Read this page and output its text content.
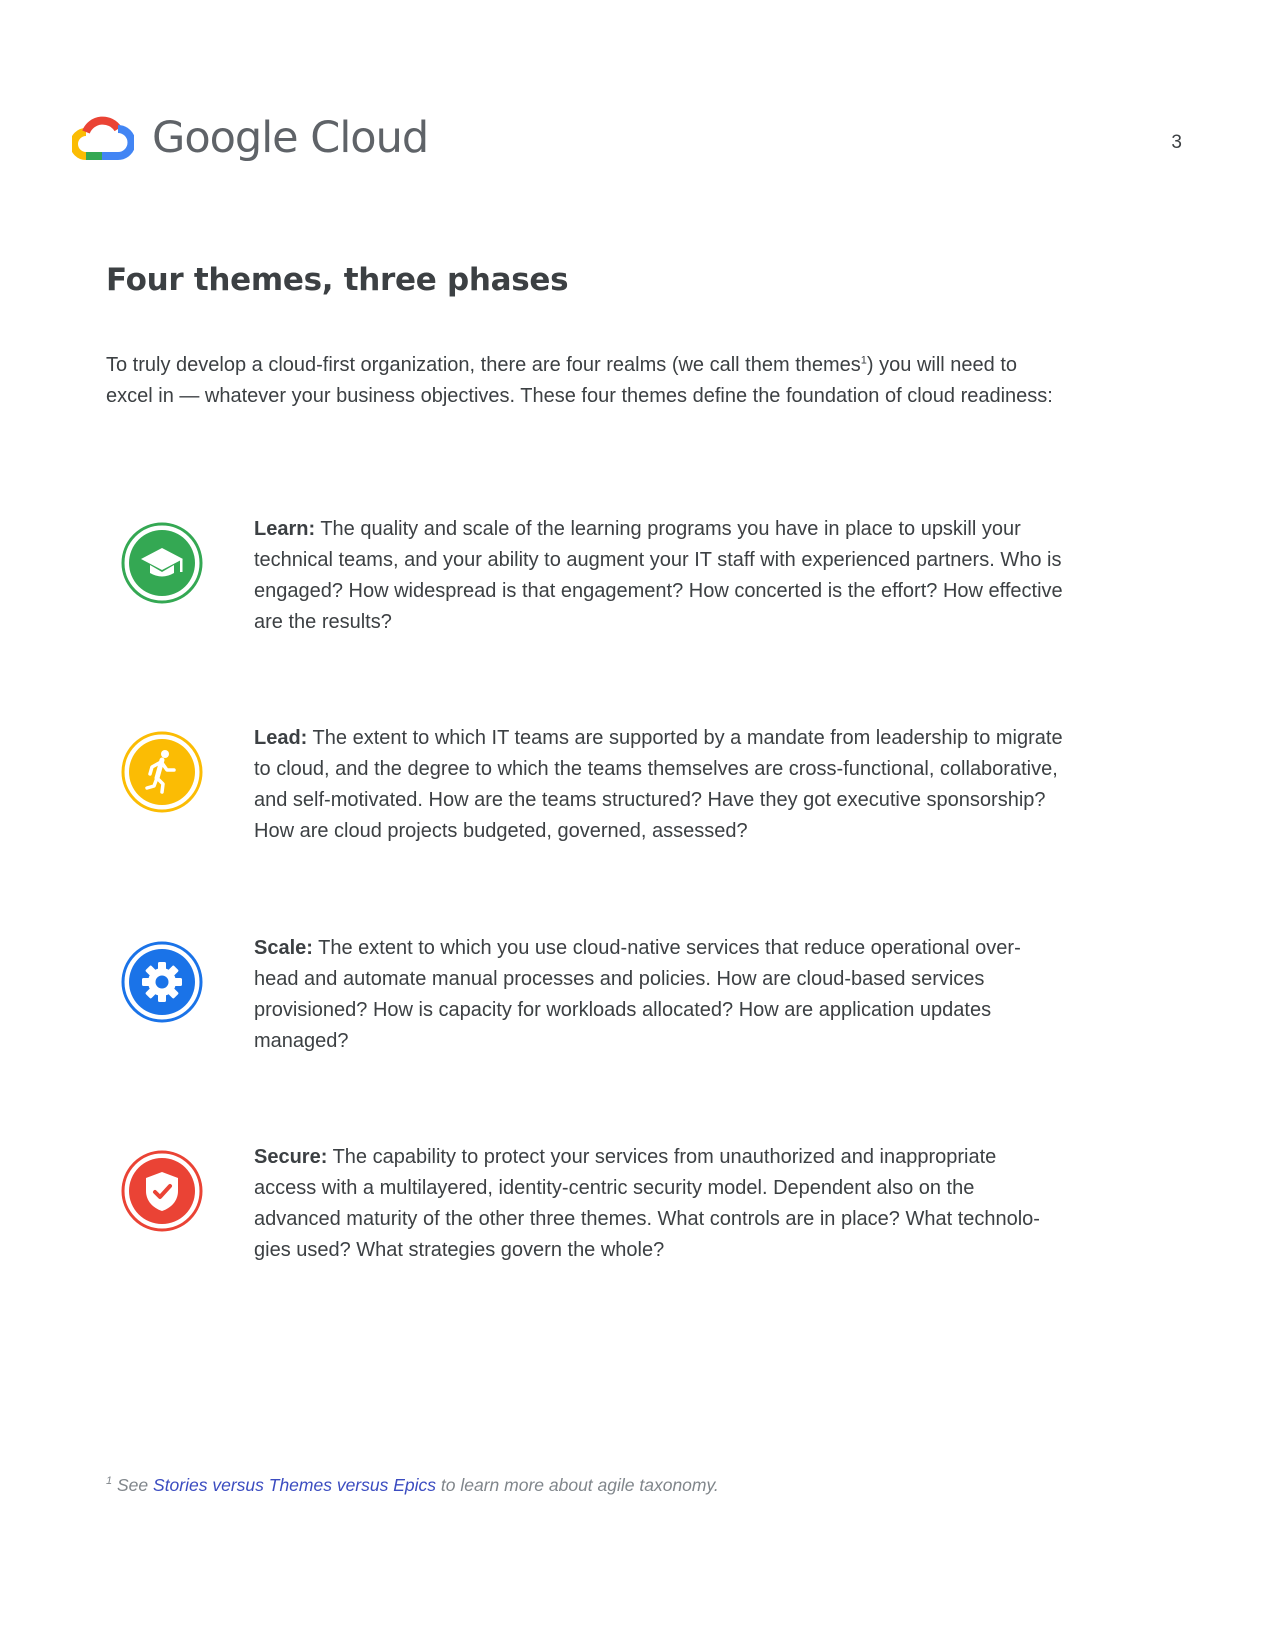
Google Cloud	3
Four themes, three phases

To truly develop a cloud-first organization, there are four realms (we call them themes$^1$) you will need to excel in — whatever your business objectives. These four themes define the foundation of cloud readiness:

Learn: The quality and scale of the learning programs you have in place to upskill your technical teams, and your ability to augment your IT staff with experienced partners. Who is engaged? How widespread is that engagement? How concerted is the effort? How effective are the results?

Lead: The extent to which IT teams are supported by a mandate from leadership to migrate to cloud, and the degree to which the teams themselves are cross-functional, collaborative, and self-motivated. How are the teams structured? Have they got executive sponsorship? How are cloud projects budgeted, governed, assessed?

Scale: The extent to which you use cloud-native services that reduce operational over-head and automate manual processes and policies. How are cloud-based services provisioned? How is capacity for workloads allocated? How are application updates managed?

Secure: The capability to protect your services from unauthorized and inappropriate access with a multilayered, identity-centric security model. Dependent also on the advanced maturity of the other three themes. What controls are in place? What technolo-gies used? What strategies govern the whole?

$^1$ See Stories versus Themes versus Epics to learn more about agile taxonomy.
